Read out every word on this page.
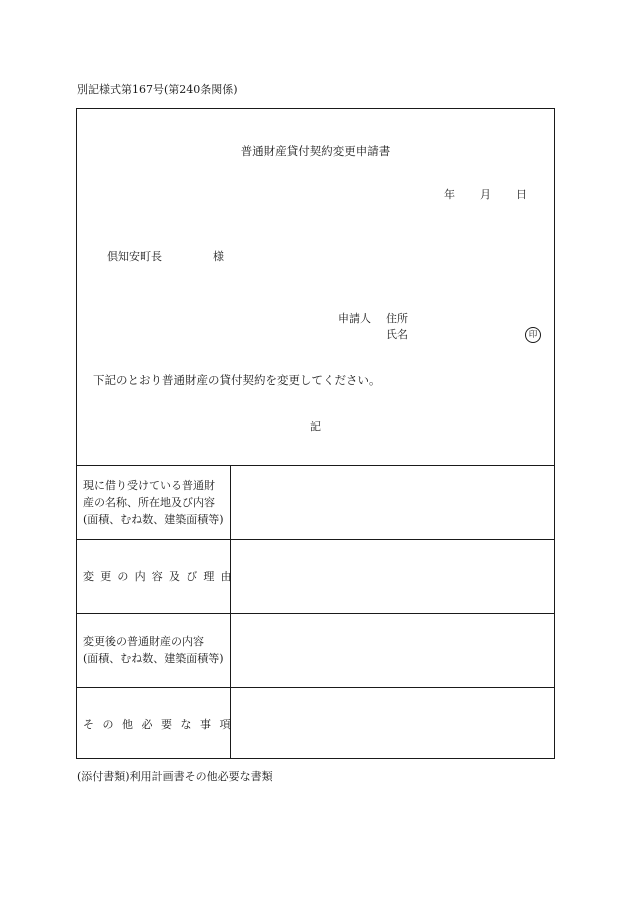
別記様式第167号(第240条関係)
普通財産貸付契約変更申請書
年 月 日
倶知安町長	様
申請人 住所
氏名	印
下記のとおり普通財産の貸付契約を変更してください。
記
現に借り受けている普通財
産の名称、所在地及び内容
(面積、むね数、建築面積等)
変更の内容及び理由
変更後の普通財産の内容
(面積、むね数、建築面積等)
その他必要な事項
(添付書類)利用計画書その他必要な書類
